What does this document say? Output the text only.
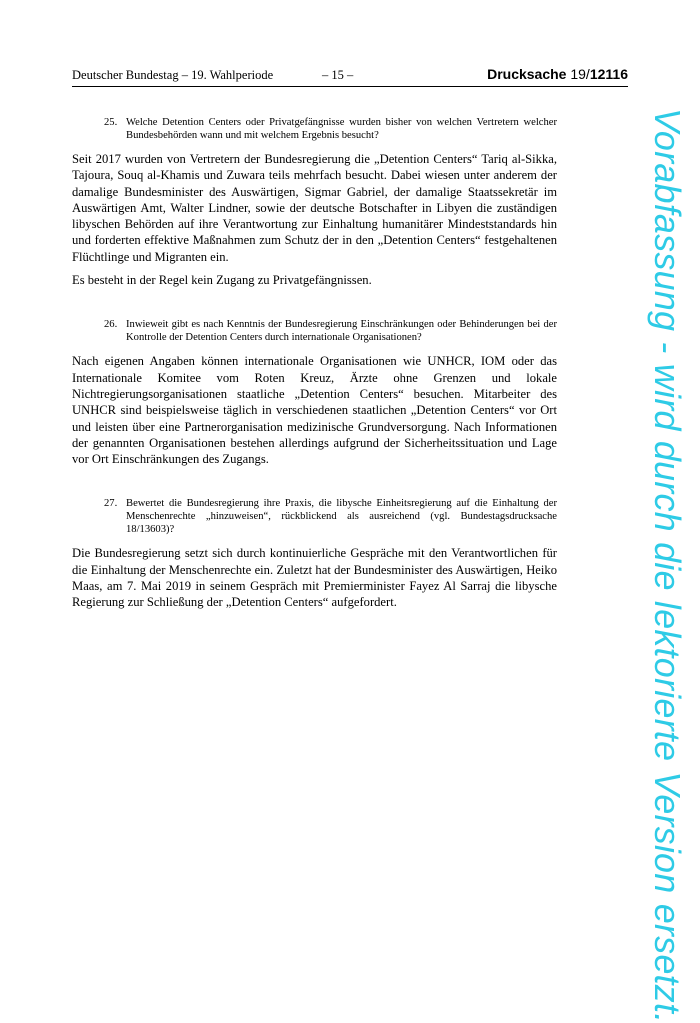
Deutscher Bundestag – 19. Wahlperiode	– 15 –	Drucksache 19/12116
25. Welche Detention Centers oder Privatgefängnisse wurden bisher von welchen Vertretern welcher Bundesbehörden wann und mit welchem Ergebnis besucht?

Seit 2017 wurden von Vertretern der Bundesregierung die „Detention Centers“ Tariq al-Sikka, Tajoura, Souq al-Khamis und Zuwara teils mehrfach besucht. Dabei wiesen unter anderem der damalige Bundesminister des Auswärtigen, Sigmar Gabriel, der damalige Staatssekretär im Auswärtigen Amt, Walter Lindner, sowie der deutsche Botschafter in Libyen die zuständigen libyschen Behörden auf ihre Verantwortung zur Einhaltung humanitärer Mindeststandards hin und forderten effektive Maßnahmen zum Schutz der in den „Detention Centers“ festgehaltenen Flüchtlinge und Migranten ein.

Es besteht in der Regel kein Zugang zu Privatgefängnissen.

26. Inwieweit gibt es nach Kenntnis der Bundesregierung Einschränkungen oder Behinderungen bei der Kontrolle der Detention Centers durch internationale Organisationen?

Nach eigenen Angaben können internationale Organisationen wie UNHCR, IOM oder das Internationale Komitee vom Roten Kreuz, Ärzte ohne Grenzen und lokale Nichtregierungsorganisationen staatliche „Detention Centers“ besuchen. Mitarbeiter des UNHCR sind beispielsweise täglich in verschiedenen staatlichen „Detention Centers“ vor Ort und leisten über eine Partnerorganisation medizinische Grundversorgung. Nach Informationen der genannten Organisationen bestehen allerdings aufgrund der Sicherheitssituation und Lage vor Ort Einschränkungen des Zugangs.

27. Bewertet die Bundesregierung ihre Praxis, die libysche Einheitsregierung auf die Einhaltung der Menschenrechte „hinzuweisen“, rückblickend als ausreichend (vgl. Bundestagsdrucksache 18/13603)?

Die Bundesregierung setzt sich durch kontinuierliche Gespräche mit den Verantwortlichen für die Einhaltung der Menschenrechte ein. Zuletzt hat der Bundesminister des Auswärtigen, Heiko Maas, am 7. Mai 2019 in seinem Gespräch mit Premierminister Fayez Al Sarraj die libysche Regierung zur Schließung der „Detention Centers“ aufgefordert.	Vorabfassung - wird durch die lektorierte Version ersetzt.
